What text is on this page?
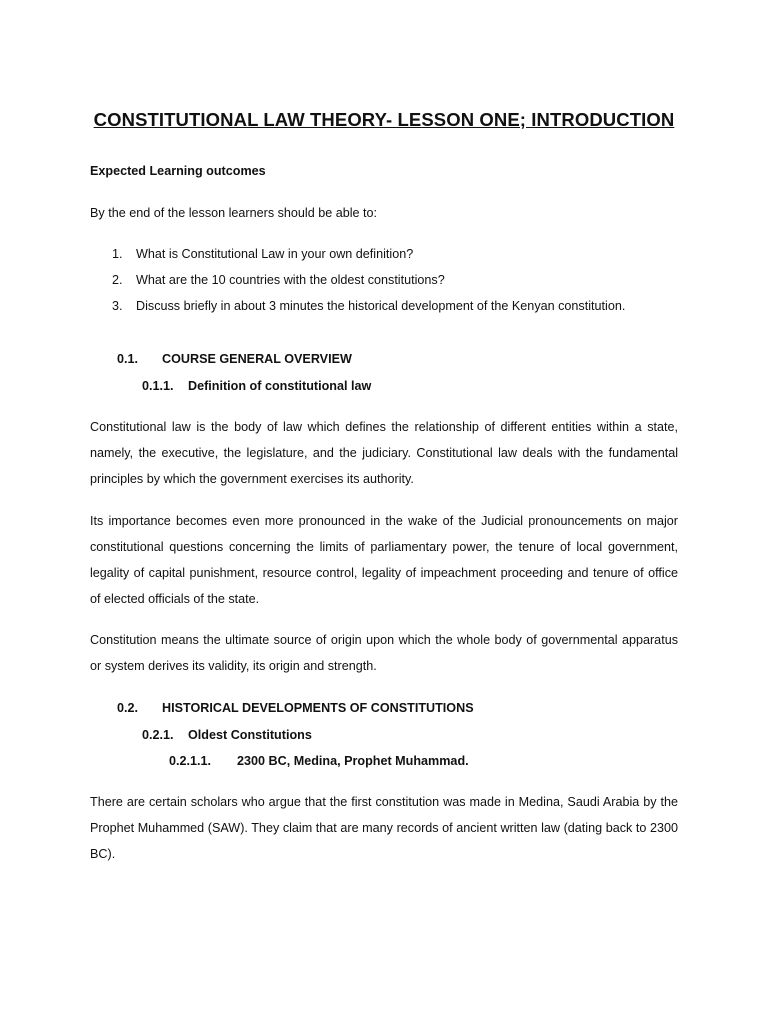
CONSTITUTIONAL LAW THEORY- LESSON ONE; INTRODUCTION
Expected Learning outcomes
By the end of the lesson learners should be able to:
1. What is Constitutional Law in your own definition?
2. What are the 10 countries with the oldest constitutions?
3. Discuss briefly in about 3 minutes the historical development of the Kenyan constitution.
0.1. COURSE GENERAL OVERVIEW
0.1.1. Definition of constitutional law
Constitutional law is the body of law which defines the relationship of different entities within a state, namely, the executive, the legislature, and the judiciary. Constitutional law deals with the fundamental principles by which the government exercises its authority.
Its importance becomes even more pronounced in the wake of the Judicial pronouncements on major constitutional questions concerning the limits of parliamentary power, the tenure of local government, legality of capital punishment, resource control, legality of impeachment proceeding and tenure of office of elected officials of the state.
Constitution means the ultimate source of origin upon which the whole body of governmental apparatus or system derives its validity, its origin and strength.
0.2. HISTORICAL DEVELOPMENTS OF CONSTITUTIONS
0.2.1. Oldest Constitutions
0.2.1.1. 2300 BC, Medina, Prophet Muhammad.
There are certain scholars who argue that the first constitution was made in Medina, Saudi Arabia by the Prophet Muhammed (SAW). They claim that are many records of ancient written law (dating back to 2300 BC).
